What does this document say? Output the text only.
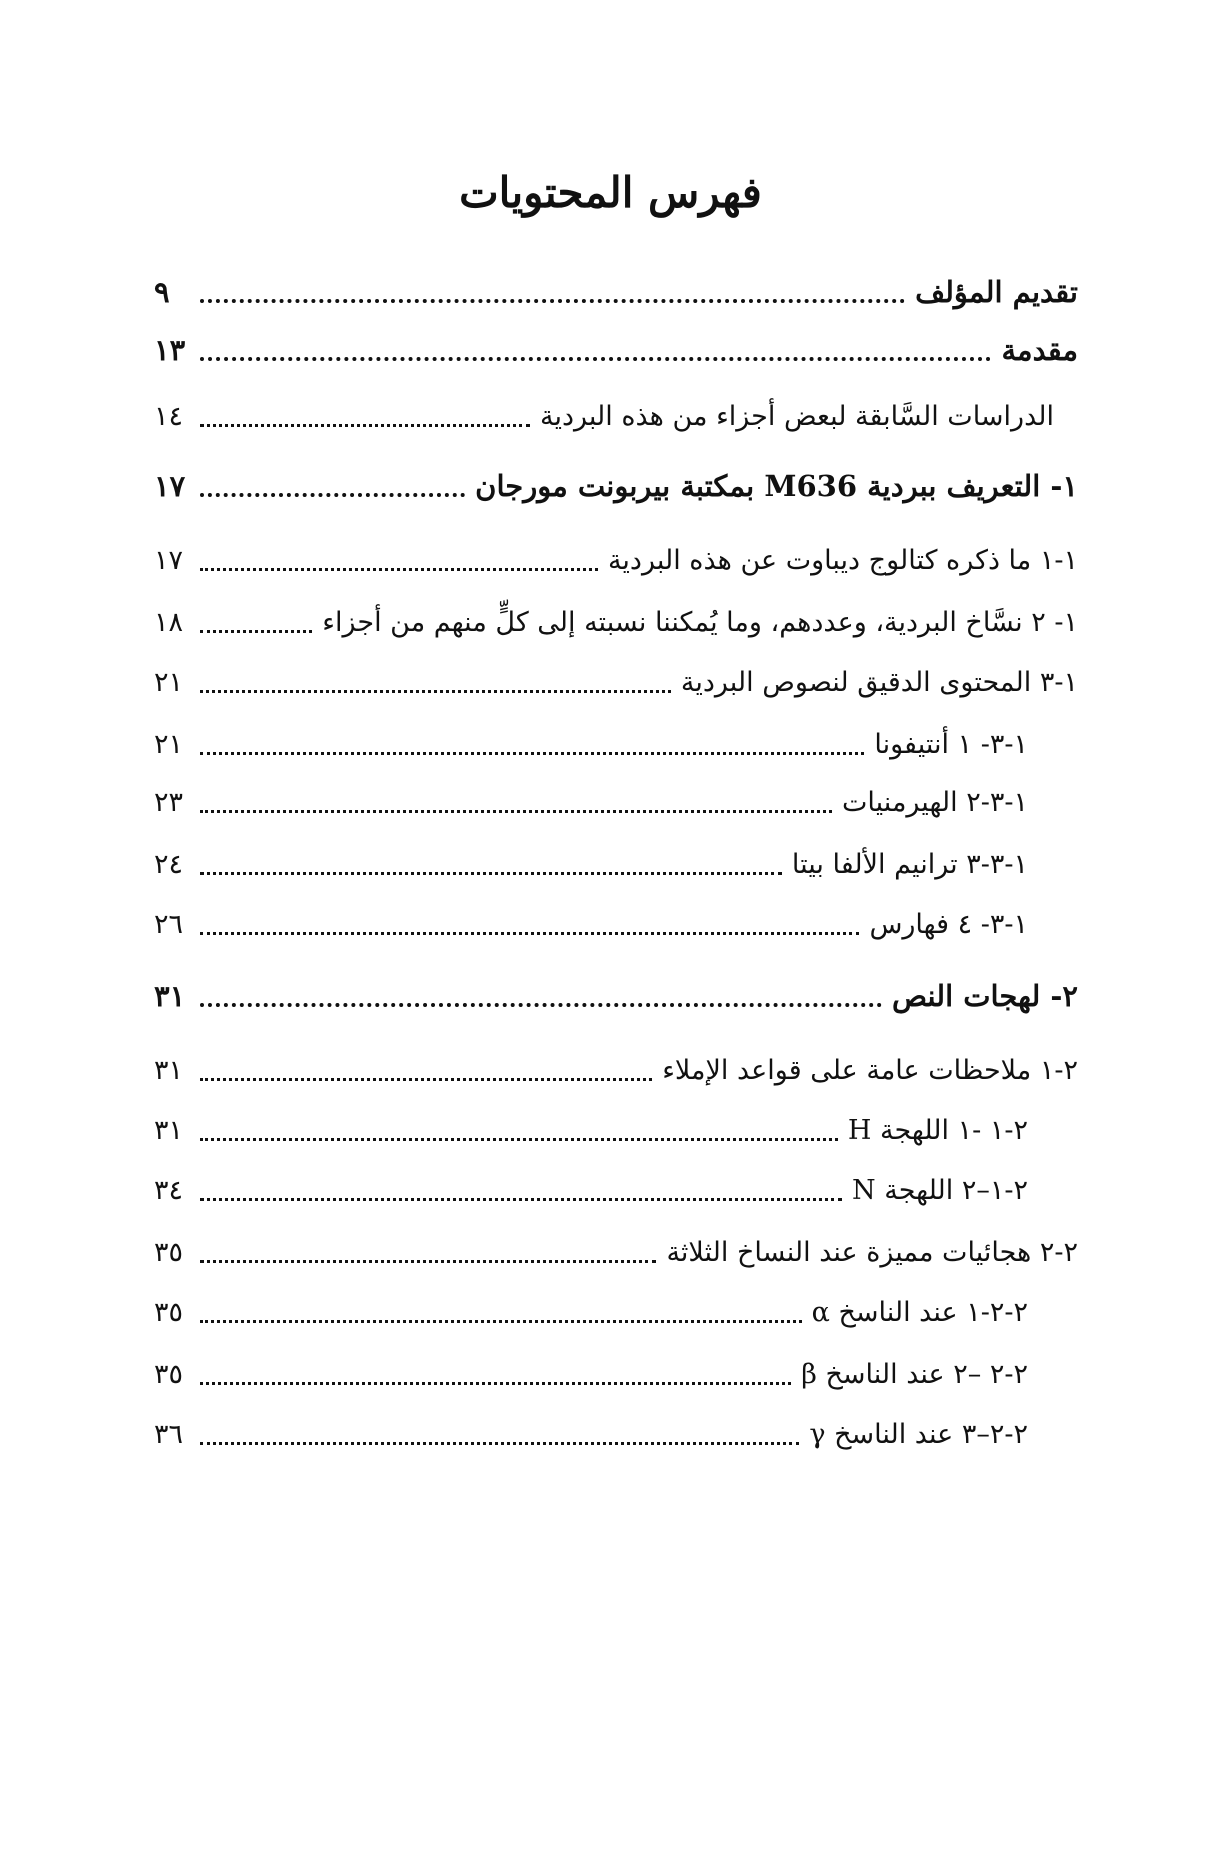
فهرس المحتويات
٩	تقديم المؤلف
١٣	مقدمة
١٤	الدراسات السَّابقة لبعض أجزاء من هذه البردية
١٧	١- التعريف ببردية M636 بمكتبة بيربونت مورجان
١٧	١-١ ما ذكره كتالوج ديباوت عن هذه البردية
١٨	١- ٢ نسَّاخ البردية، وعددهم، وما يُمكننا نسبته إلى كلٍّ منهم من أجزاء
٢١	١-٣ المحتوى الدقيق لنصوص البردية
٢١	١-٣- ١ أنتيفونا
٢٣	١-٣-٢ الهيرمنيات
٢٤	١-٣-٣ ترانيم الألفا بيتا
٢٦	١-٣- ٤ فهارس
٣١	٢- لهجات النص
٣١	٢-١ ملاحظات عامة على قواعد الإملاء
٣١	٢-١ -١ اللهجة H
٣٤	٢-١–٢ اللهجة N
٣٥	٢-٢ هجائيات مميزة عند النساخ الثلاثة
٣٥	٢-٢-١ عند الناسخ α
٣٥	٢-٢ –٢ عند الناسخ β
٣٦	٢-٢–٣ عند الناسخ γ
